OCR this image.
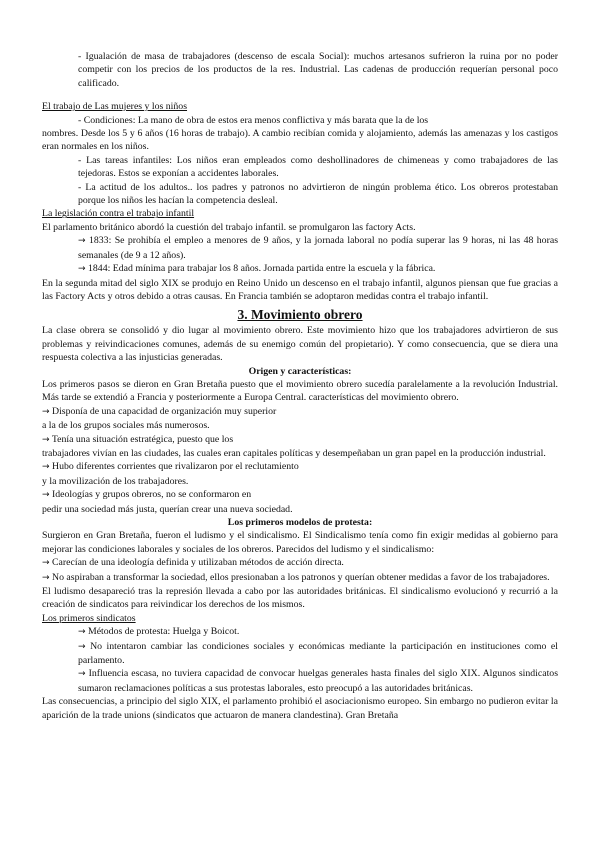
- Igualación de masa de trabajadores (descenso de escala Social): muchos artesanos sufrieron la ruina por no poder competir con los precios de los productos de la res. Industrial. Las cadenas de producción requerían personal poco calificado.

El trabajo de Las mujeres y los niños

- Condiciones: La mano de obra de estos era menos conflictiva y más barata que la de los

nombres. Desde los 5 y 6 años (16 horas de trabajo). A cambio recibían comida y alojamiento, además las amenazas y los castigos eran normales en los niños.

- Las tareas infantiles: Los niños eran empleados como deshollinadores de chimeneas y como trabajadores de las tejedoras. Estos se exponían a accidentes laborales.

- La actitud de los adultos.. los padres y patronos no advirtieron de ningún problema ético. Los obreros protestaban porque los niños les hacían la competencia desleal.

La legislación contra el trabajo infantil

El parlamento británico abordó la cuestión del trabajo infantil. se promulgaron las factory Acts.

→ 1833: Se prohibía el empleo a menores de 9 años, y la jornada laboral no podía superar las 9 horas, ni las 48 horas semanales (de 9 a 12 años).

→ 1844: Edad mínima para trabajar los 8 años. Jornada partida entre la escuela y la fábrica.

En la segunda mitad del siglo XIX se produjo en Reino Unido un descenso en el trabajo infantil, algunos piensan que fue gracias a las Factory Acts y otros debido a otras causas. En Francia también se adoptaron medidas contra el trabajo infantil.

3. Movimiento obrero

La clase obrera se consolidó y dio lugar al movimiento obrero. Este movimiento hizo que los trabajadores advirtieron de sus problemas y reivindicaciones comunes, además de su enemigo común del propietario). Y como consecuencia, que se diera una respuesta colectiva a las injusticias generadas.

Origen y características:

Los primeros pasos se dieron en Gran Bretaña puesto que el movimiento obrero sucedía paralelamente a la revolución Industrial. Más tarde se extendió a Francia y posteriormente a Europa Central. características del movimiento obrero.

→ Disponía de una capacidad de organización muy superior

a la de los grupos sociales más numerosos.

→ Tenía una situación estratégica, puesto que los

trabajadores vivían en las ciudades, las cuales eran capitales políticas y desempeñaban un gran papel en la producción industrial.

→ Hubo diferentes corrientes que rivalizaron por el reclutamiento

y la movilización de los trabajadores.

→ Ideologías y grupos obreros, no se conformaron en

pedir una sociedad más justa, querían crear una nueva sociedad.

Los primeros modelos de protesta:

Surgieron en Gran Bretaña, fueron el ludismo y el sindicalismo. El Sindicalismo tenía como fin exigir medidas al gobierno para mejorar las condiciones laborales y sociales de los obreros. Parecidos del ludismo y el sindicalismo:

→ Carecían de una ideología definida y utilizaban métodos de acción directa.

→ No aspiraban a transformar la sociedad, ellos presionaban a los patronos y querían obtener medidas a favor de los trabajadores.

El ludismo desapareció tras la represión llevada a cabo por las autoridades británicas. El sindicalismo evolucionó y recurrió a la creación de sindicatos para reivindicar los derechos de los mismos.

Los primeros sindicatos

→ Métodos de protesta: Huelga y Boicot.

→ No intentaron cambiar las condiciones sociales y económicas mediante la participación en instituciones como el parlamento.

→ Influencia escasa, no tuviera capacidad de convocar huelgas generales hasta finales del siglo XIX. Algunos sindicatos sumaron reclamaciones políticas a sus protestas laborales, esto preocupó a las autoridades británicas.

Las consecuencias, a principio del siglo XIX, el parlamento prohibió el asociacionismo europeo. Sin embargo no pudieron evitar la aparición de la trade unions (sindicatos que actuaron de manera clandestina). Gran Bretaña
